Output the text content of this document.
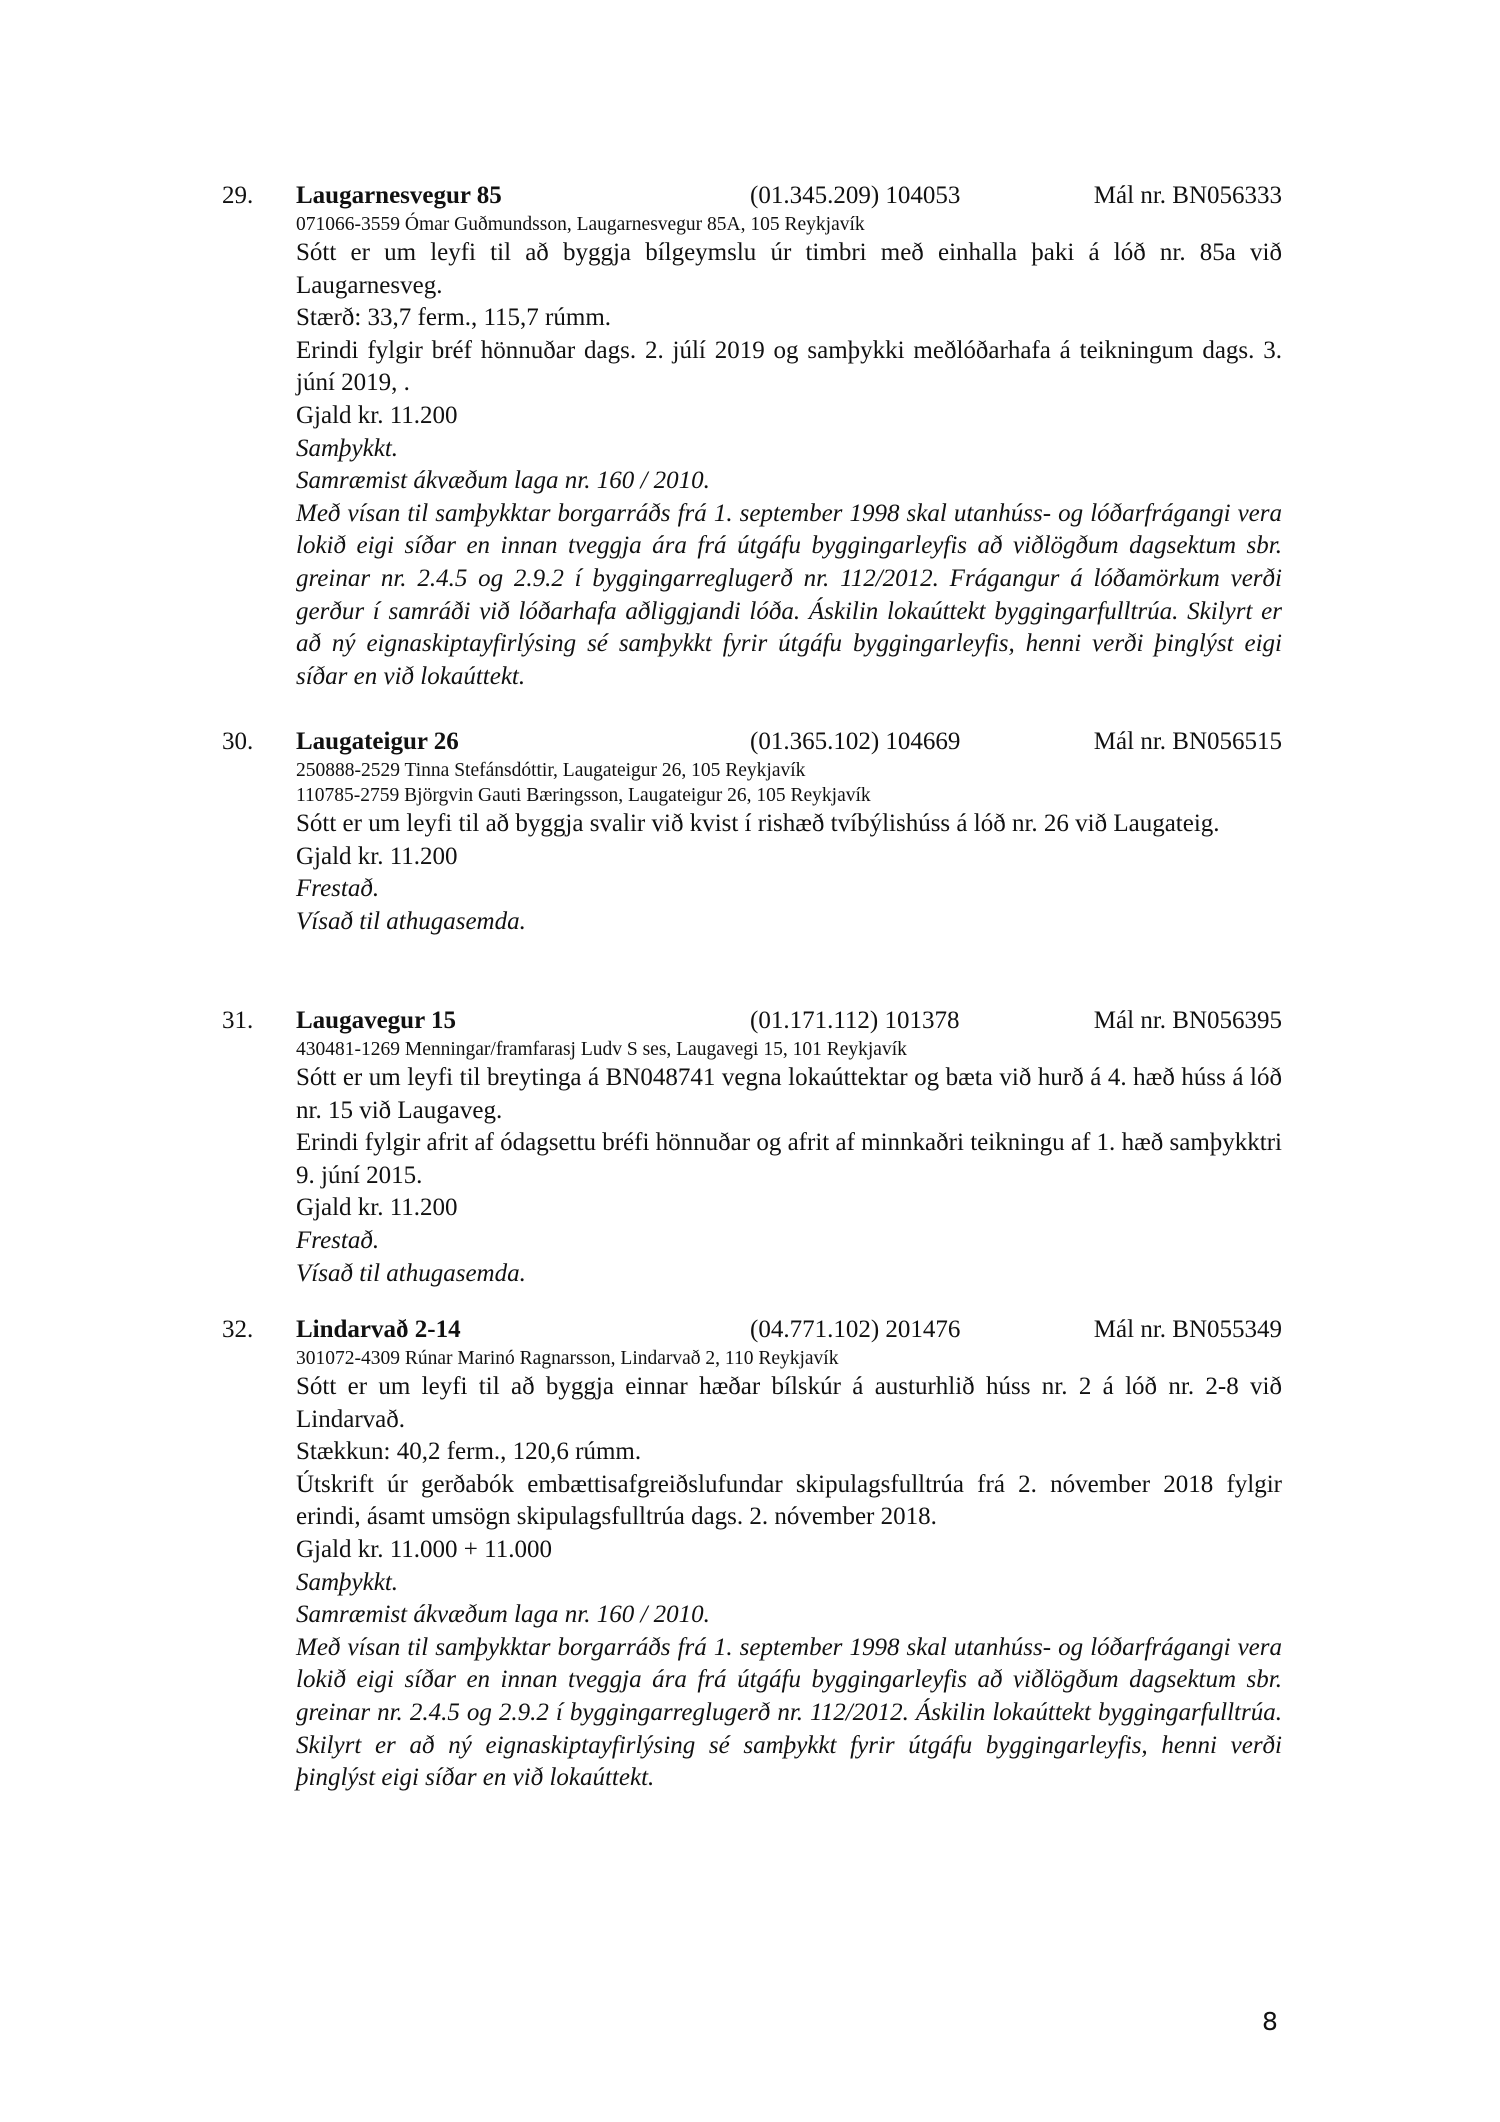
29. Laugarnesvegur 85	(01.345.209) 104053	Mál nr. BN056333
071066-3559 Ómar Guðmundsson, Laugarnesvegur 85A, 105 Reykjavík
Sótt er um leyfi til að byggja bílgeymslu úr timbri með einhalla þaki á lóð nr. 85a við Laugarnesveg.
Stærð: 33,7 ferm., 115,7 rúmm.
Erindi fylgir bréf hönnuðar dags. 2. júlí 2019 og samþykki meðlóðarhafa á teikningum dags. 3. júní 2019, .
Gjald kr. 11.200
Samþykkt.
Samræmist ákvæðum laga nr. 160 / 2010.
Með vísan til samþykktar borgarráðs frá 1. september 1998 skal utanhúss- og lóðarfrágangi vera lokið eigi síðar en innan tveggja ára frá útgáfu byggingarleyfis að viðlögðum dagsektum sbr. greinar nr. 2.4.5 og 2.9.2 í byggingarreglugerð nr. 112/2012. Frágangur á lóðamörkum verði gerður í samráði við lóðarhafa aðliggjandi lóða. Áskilin lokaúttekt byggingarfulltrúa. Skilyrt er að ný eignaskiptayfirlýsing sé samþykkt fyrir útgáfu byggingarleyfis, henni verði þinglýst eigi síðar en við lokaúttekt.
30. Laugateigur 26	(01.365.102) 104669	Mál nr. BN056515
250888-2529 Tinna Stefánsdóttir, Laugateigur 26, 105 Reykjavík
110785-2759 Björgvin Gauti Bæringsson, Laugateigur 26, 105 Reykjavík
Sótt er um leyfi til að byggja svalir við kvist í rishæð tvíbýlishúss á lóð nr. 26 við Laugateig.
Gjald kr. 11.200
Frestað.
Vísað til athugasemda.
31. Laugavegur 15	(01.171.112) 101378	Mál nr. BN056395
430481-1269 Menningar/framfarasj Ludv S ses, Laugavegi 15, 101 Reykjavík
Sótt er um leyfi til breytinga á BN048741 vegna lokaúttektar og bæta við hurð á 4. hæð húss á lóð nr. 15 við Laugaveg.
Erindi fylgir afrit af ódagsettu bréfi hönnuðar og afrit af minnkaðri teikningu af 1. hæð samþykktri 9. júní 2015.
Gjald kr. 11.200
Frestað.
Vísað til athugasemda.
32. Lindarvað 2-14	(04.771.102) 201476	Mál nr. BN055349
301072-4309 Rúnar Marinó Ragnarsson, Lindarvað 2, 110 Reykjavík
Sótt er um leyfi til að byggja einnar hæðar bílskúr á austurhlið húss nr. 2 á lóð nr. 2-8 við Lindarvað.
Stækkun: 40,2 ferm., 120,6 rúmm.
Útskrift úr gerðabók embættisafgreiðslufundar skipulagsfulltrúa frá 2. nóvember 2018 fylgir erindi, ásamt umsögn skipulagsfulltrúa dags. 2. nóvember 2018.
Gjald kr. 11.000 + 11.000
Samþykkt.
Samræmist ákvæðum laga nr. 160 / 2010.
Með vísan til samþykktar borgarráðs frá 1. september 1998 skal utanhúss- og lóðarfrágangi vera lokið eigi síðar en innan tveggja ára frá útgáfu byggingarleyfis að viðlögðum dagsektum sbr. greinar nr. 2.4.5 og 2.9.2 í byggingarreglugerð nr. 112/2012. Áskilin lokaúttekt byggingarfulltrúa. Skilyrt er að ný eignaskiptayfirlýsing sé samþykkt fyrir útgáfu byggingarleyfis, henni verði þinglýst eigi síðar en við lokaúttekt.
8
